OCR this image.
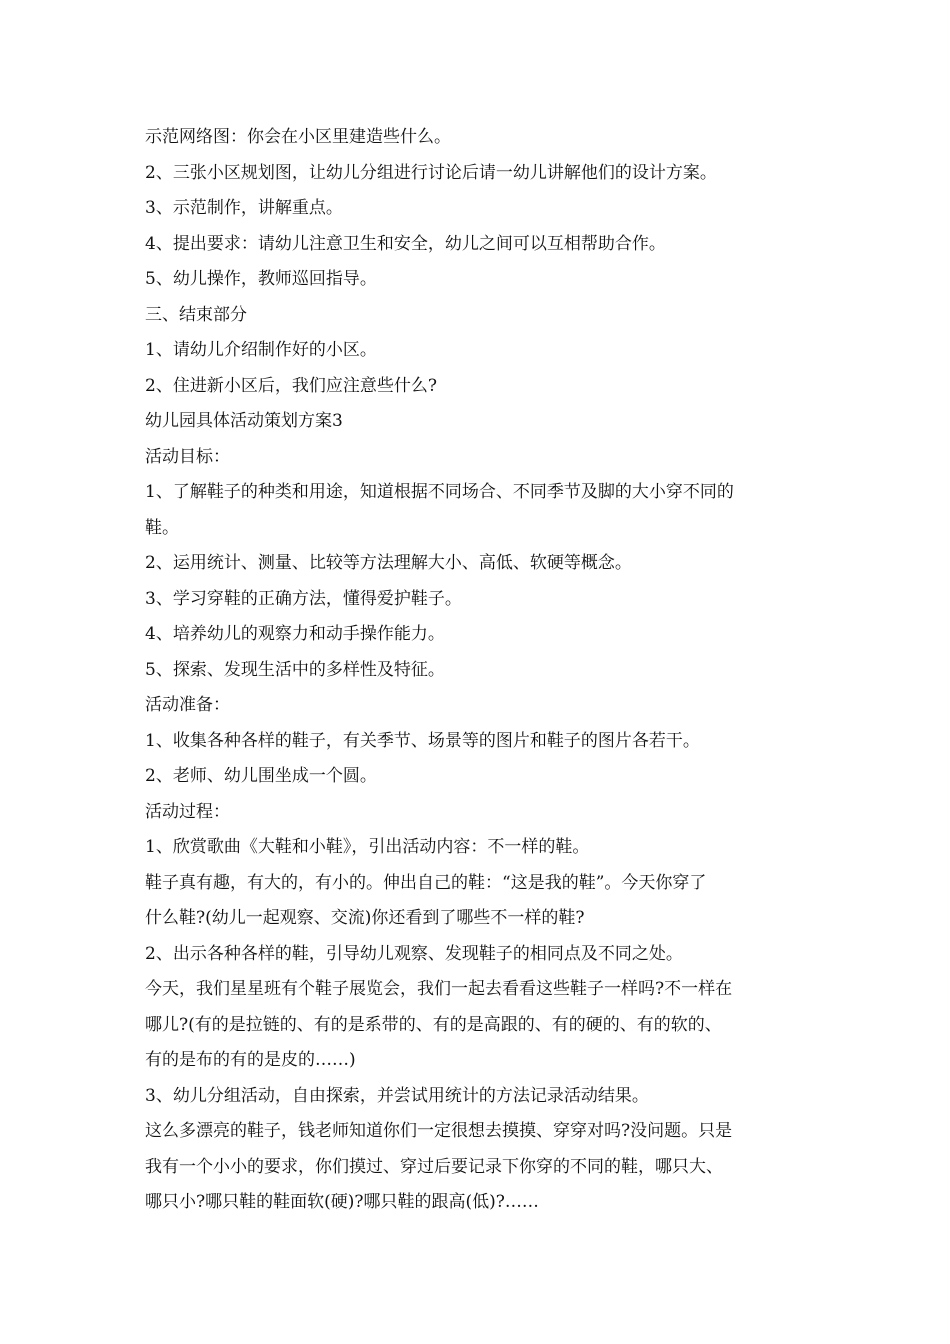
示范网络图：你会在小区里建造些什么。

2、三张小区规划图，让幼儿分组进行讨论后请一幼儿讲解他们的设计方案。

3、示范制作，讲解重点。

4、提出要求：请幼儿注意卫生和安全，幼儿之间可以互相帮助合作。

5、幼儿操作，教师巡回指导。

三、结束部分

1、请幼儿介绍制作好的小区。

2、住进新小区后，我们应注意些什么?

幼儿园具体活动策划方案3

活动目标：

1、了解鞋子的种类和用途，知道根据不同场合、不同季节及脚的大小穿不同的

鞋。

2、运用统计、测量、比较等方法理解大小、高低、软硬等概念。

3、学习穿鞋的正确方法，懂得爱护鞋子。

4、培养幼儿的观察力和动手操作能力。

5、探索、发现生活中的多样性及特征。

活动准备：

1、收集各种各样的鞋子，有关季节、场景等的图片和鞋子的图片各若干。

2、老师、幼儿围坐成一个圆。

活动过程：

1、欣赏歌曲《大鞋和小鞋》，引出活动内容：不一样的鞋。

鞋子真有趣，有大的，有小的。伸出自己的鞋：“这是我的鞋”。今天你穿了

什么鞋?(幼儿一起观察、交流)你还看到了哪些不一样的鞋?

2、出示各种各样的鞋，引导幼儿观察、发现鞋子的相同点及不同之处。

今天，我们星星班有个鞋子展览会，我们一起去看看这些鞋子一样吗?不一样在

哪儿?(有的是拉链的、有的是系带的、有的是高跟的、有的硬的、有的软的、

有的是布的有的是皮的……)

3、幼儿分组活动，自由探索，并尝试用统计的方法记录活动结果。

这么多漂亮的鞋子，钱老师知道你们一定很想去摸摸、穿穿对吗?没问题。只是

我有一个小小的要求，你们摸过、穿过后要记录下你穿的不同的鞋，哪只大、

哪只小?哪只鞋的鞋面软(硬)?哪只鞋的跟高(低)?……
